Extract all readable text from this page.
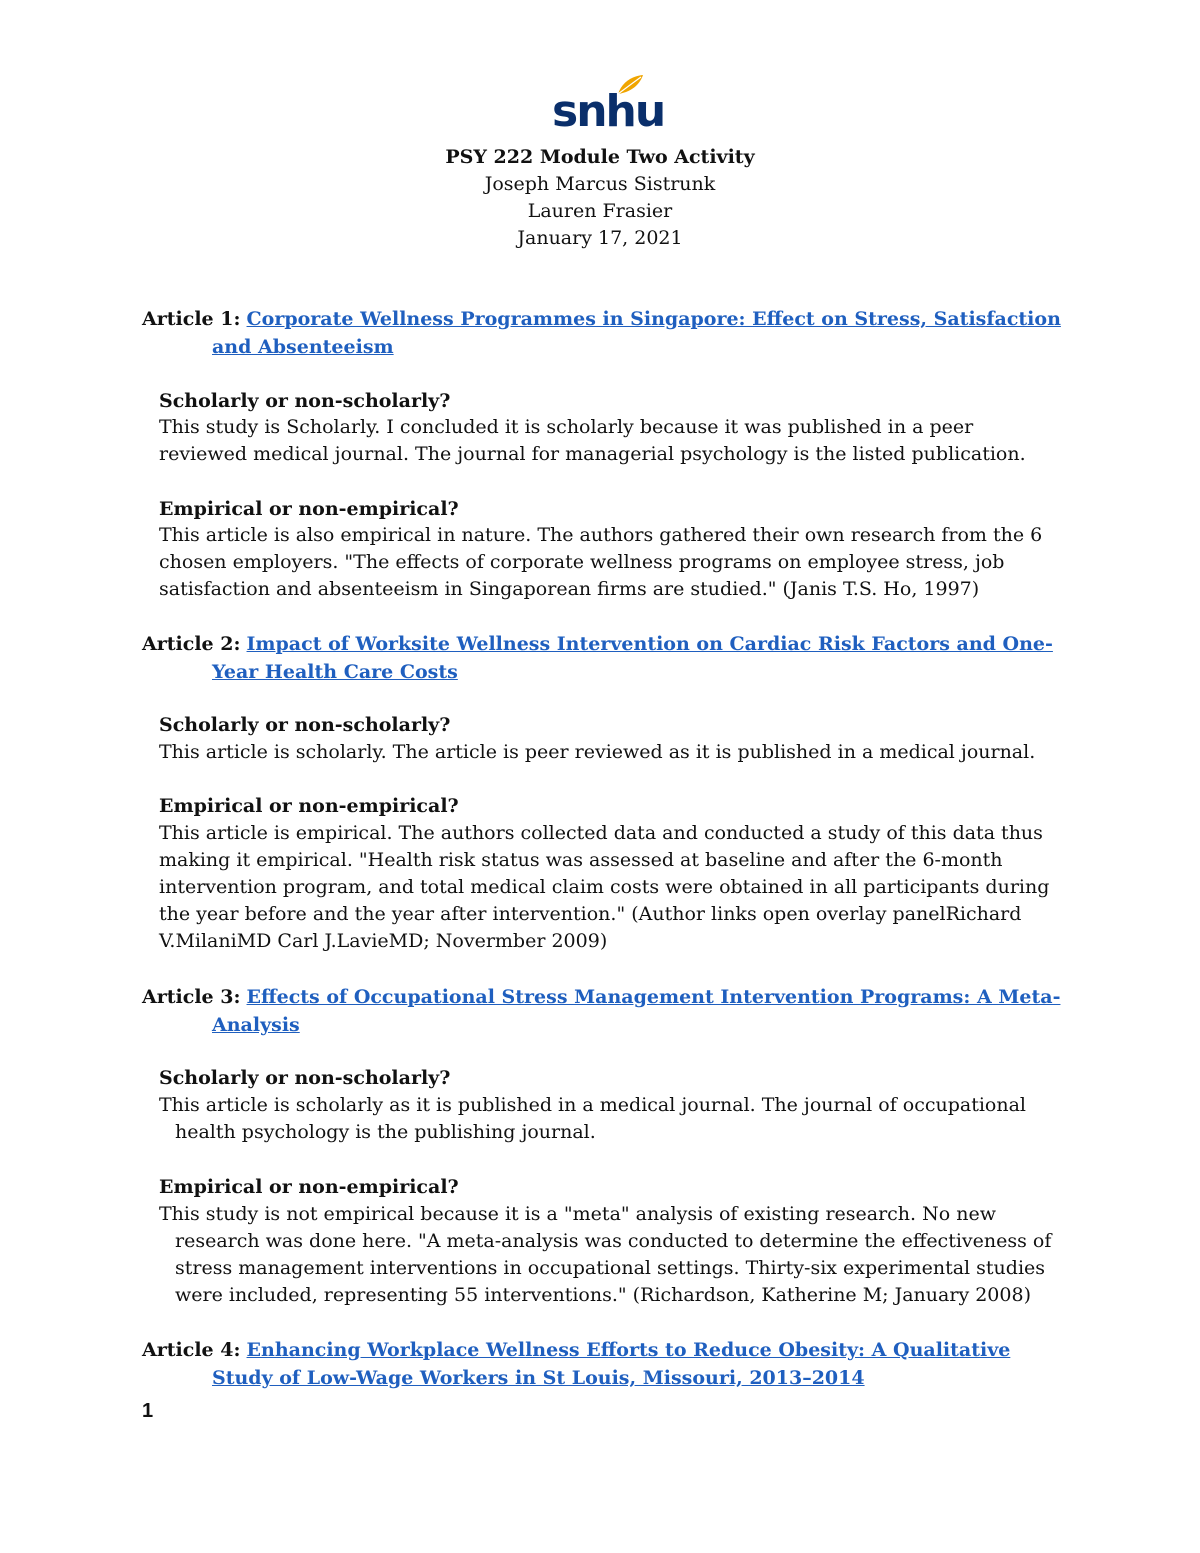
snhu
PSY 222 Module Two Activity
Joseph Marcus Sistrunk
Lauren Frasier
January 17, 2021
Article 1: Corporate Wellness Programmes in Singapore: Effect on Stress, Satisfaction and Absenteeism
Scholarly or non-scholarly?
This study is Scholarly. I concluded it is scholarly because it was published in a peer reviewed medical journal. The journal for managerial psychology is the listed publication.
Empirical or non-empirical?
This article is also empirical in nature. The authors gathered their own research from the 6 chosen employers. "The effects of corporate wellness programs on employee stress, job satisfaction and absenteeism in Singaporean firms are studied." (Janis T.S. Ho, 1997)
Article 2: Impact of Worksite Wellness Intervention on Cardiac Risk Factors and One-Year Health Care Costs
Scholarly or non-scholarly?
This article is scholarly. The article is peer reviewed as it is published in a medical journal.
Empirical or non-empirical?
This article is empirical. The authors collected data and conducted a study of this data thus making it empirical. "Health risk status was assessed at baseline and after the 6-month intervention program, and total medical claim costs were obtained in all participants during the year before and the year after intervention." (Author links open overlay panelRichard V.MilaniMD Carl J.LavieMD; Novermber 2009)
Article 3: Effects of Occupational Stress Management Intervention Programs: A Meta-Analysis
Scholarly or non-scholarly?
This article is scholarly as it is published in a medical journal. The journal of occupational health psychology is the publishing journal.
Empirical or non-empirical?
This study is not empirical because it is a "meta" analysis of existing research. No new research was done here. "A meta-analysis was conducted to determine the effectiveness of stress management interventions in occupational settings. Thirty-six experimental studies were included, representing 55 interventions." (Richardson, Katherine M; January 2008)
Article 4: Enhancing Workplace Wellness Efforts to Reduce Obesity: A Qualitative Study of Low-Wage Workers in St Louis, Missouri, 2013–2014
1
